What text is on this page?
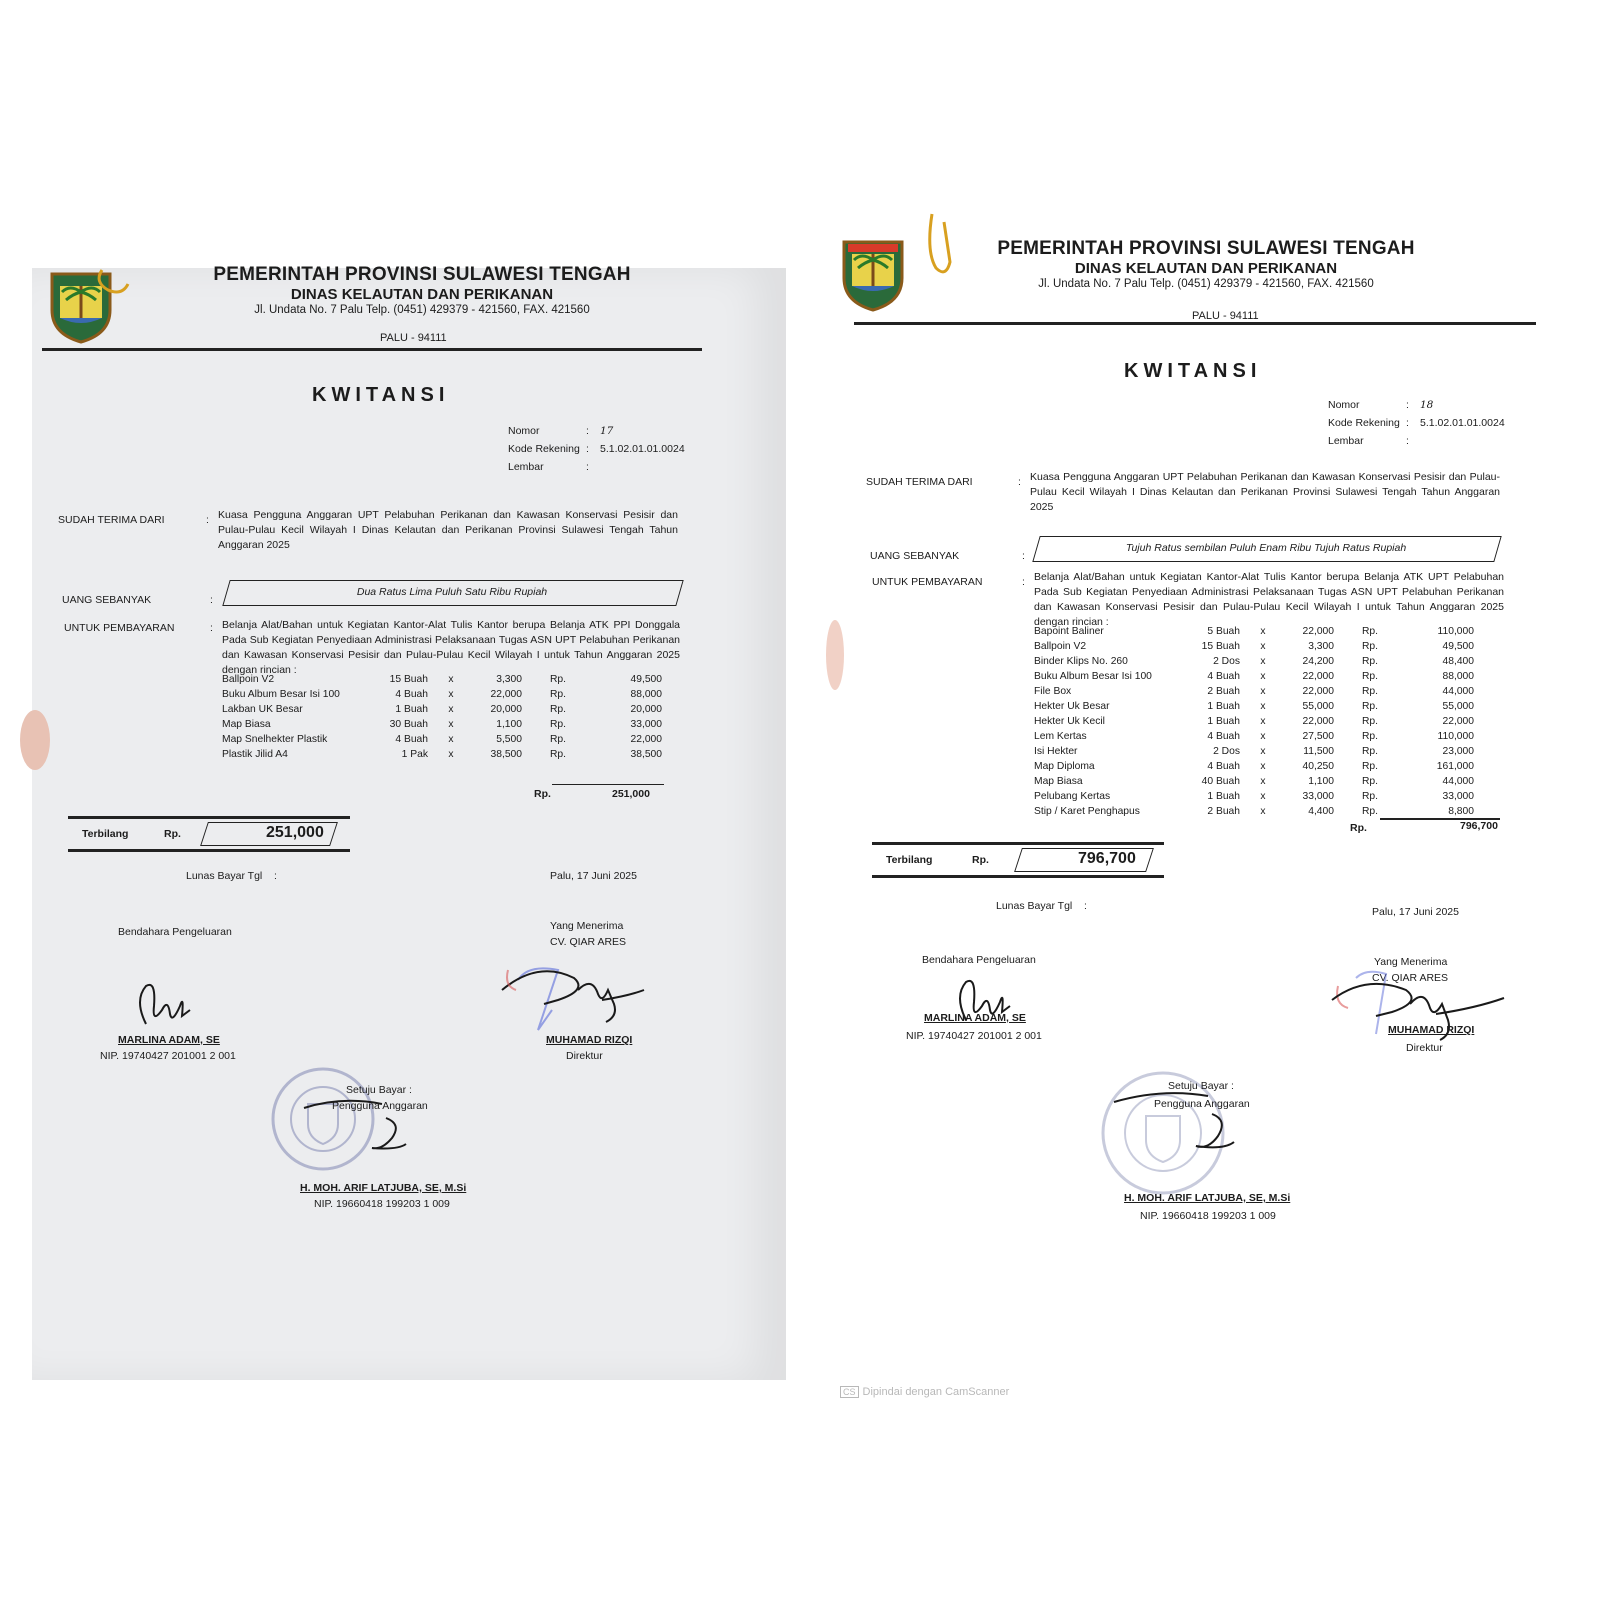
PEMERINTAH PROVINSI SULAWESI TENGAH
DINAS KELAUTAN DAN PERIKANAN
Jl. Undata No. 7 Palu Telp. (0451) 429379 - 421560, FAX. 421560
PALU - 94111
KWITANSI
Nomor	:	17
Kode Rekening :	5.1.02.01.01.0024
Lembar	:
SUDAH TERIMA DARI	: Kuasa Pengguna Anggaran UPT Pelabuhan Perikanan dan Kawasan Konservasi Pesisir dan Pulau-Pulau Kecil Wilayah I Dinas Kelautan dan Perikanan Provinsi Sulawesi Tengah Tahun Anggaran 2025
UANG SEBANYAK	:
Dua Ratus Lima Puluh Satu Ribu Rupiah
UNTUK PEMBAYARAN	: Belanja Alat/Bahan untuk Kegiatan Kantor-Alat Tulis Kantor berupa Belanja ATK PPI Donggala Pada Sub Kegiatan Penyediaan Administrasi Pelaksanaan Tugas ASN UPT Pelabuhan Perikanan dan Kawasan Konservasi Pesisir dan Pulau-Pulau Kecil Wilayah I untuk Tahun Anggaran 2025 dengan rincian :
Ballpoin V2	15 Buah	x	3,300	Rp.	49,500
Buku Album Besar Isi 100	4 Buah	x	22,000	Rp.	88,000
Lakban UK Besar	1 Buah	x	20,000	Rp.	20,000
Map Biasa	30 Buah	x	1,100	Rp.	33,000
Map Snelhekter Plastik	4 Buah	x	5,500	Rp.	22,000
Plastik Jilid A4	1 Pak	x	38,500	Rp.	38,500
Rp.	251,000
Terbilang	Rp.	251,000
Lunas Bayar Tgl :	Palu, 17 Juni 2025
Bendahara Pengeluaran	Yang Menerima
CV. QIAR ARES
MARLINA ADAM, SE
NIP. 19740427 201001 2 001
MUHAMAD RIZQI
Direktur
Setuju Bayar :
Pengguna Anggaran
H. MOH. ARIF LATJUBA, SE, M.Si
NIP. 19660418 199203 1 009
PEMERINTAH PROVINSI SULAWESI TENGAH
DINAS KELAUTAN DAN PERIKANAN
Jl. Undata No. 7 Palu Telp. (0451) 429379 - 421560, FAX. 421560
PALU - 94111
KWITANSI
Nomor	:	18
Kode Rekening :	5.1.02.01.01.0024
Lembar	:
SUDAH TERIMA DARI	: Kuasa Pengguna Anggaran UPT Pelabuhan Perikanan dan Kawasan Konservasi Pesisir dan Pulau-Pulau Kecil Wilayah I Dinas Kelautan dan Perikanan Provinsi Sulawesi Tengah Tahun Anggaran 2025
UANG SEBANYAK	:
Tujuh Ratus sembilan Puluh Enam Ribu Tujuh Ratus Rupiah
UNTUK PEMBAYARAN	: Belanja Alat/Bahan untuk Kegiatan Kantor-Alat Tulis Kantor berupa Belanja ATK UPT Pelabuhan Pada Sub Kegiatan Penyediaan Administrasi Pelaksanaan Tugas ASN UPT Pelabuhan Perikanan dan Kawasan Konservasi Pesisir dan Pulau-Pulau Kecil Wilayah I untuk Tahun Anggaran 2025 dengan rincian :
Bapoint Baliner	5 Buah	x	22,000	Rp.	110,000
Ballpoin V2	15 Buah	x	3,300	Rp.	49,500
Binder Klips No. 260	2 Dos	x	24,200	Rp.	48,400
Buku Album Besar Isi 100	4 Buah	x	22,000	Rp.	88,000
File Box	2 Buah	x	22,000	Rp.	44,000
Hekter Uk Besar	1 Buah	x	55,000	Rp.	55,000
Hekter Uk Kecil	1 Buah	x	22,000	Rp.	22,000
Lem Kertas	4 Buah	x	27,500	Rp.	110,000
Isi Hekter	2 Dos	x	11,500	Rp.	23,000
Map Diploma	4 Buah	x	40,250	Rp.	161,000
Map Biasa	40 Buah	x	1,100	Rp.	44,000
Pelubang Kertas	1 Buah	x	33,000	Rp.	33,000
Stip / Karet Penghapus	2 Buah	x	4,400	Rp.	8,800
Rp.	796,700
Terbilang	Rp.	796,700
Lunas Bayar Tgl :	Palu, 17 Juni 2025
Bendahara Pengeluaran	Yang Menerima
CV. QIAR ARES
MARLINA ADAM, SE
NIP. 19740427 201001 2 001	MUHAMAD RIZQI
Direktur
Setuju Bayar :
Pengguna Anggaran
H. MOH. ARIF LATJUBA, SE, M.Si
NIP. 19660418 199203 1 009
CS Dipindai dengan CamScanner
